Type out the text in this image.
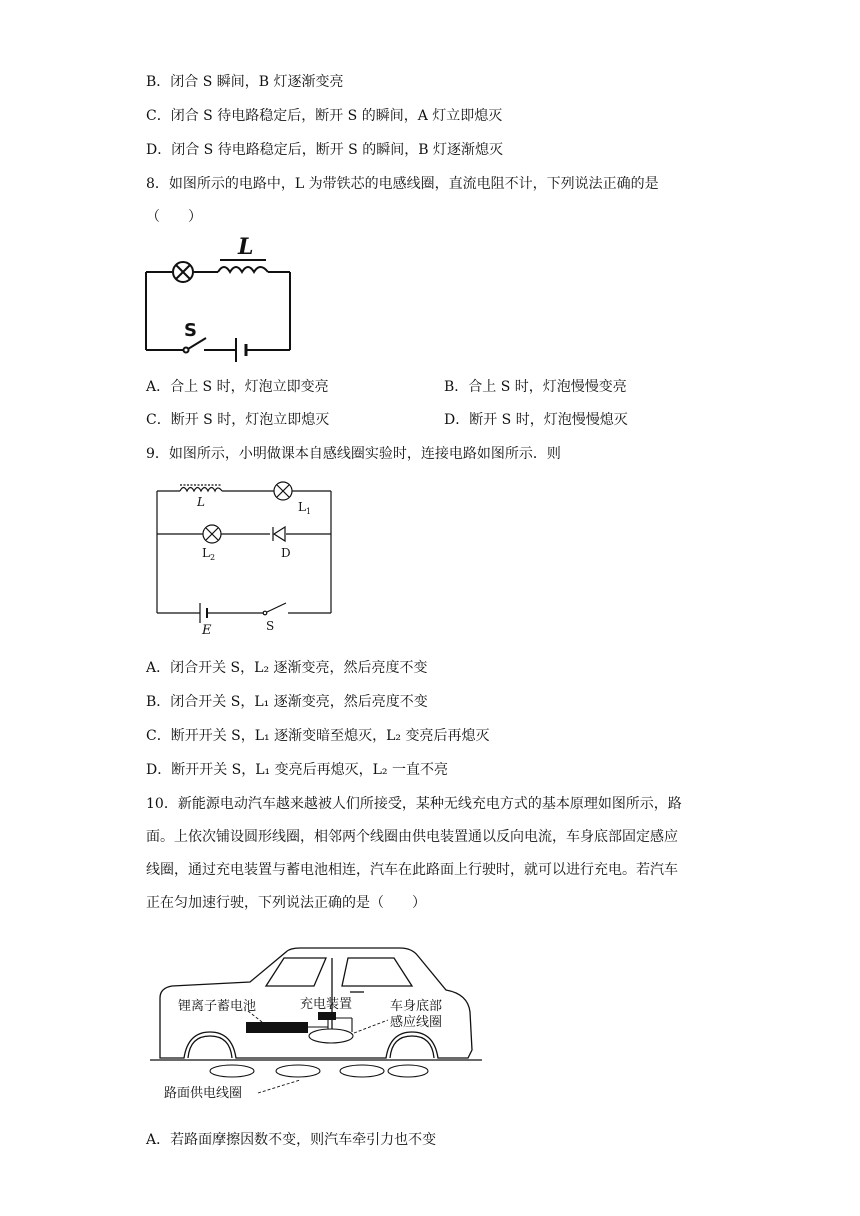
B．闭合 S 瞬间，B 灯逐渐变亮
C．闭合 S 待电路稳定后，断开 S 的瞬间，A 灯立即熄灭
D．闭合 S 待电路稳定后，断开 S 的瞬间，B 灯逐渐熄灭
8．如图所示的电路中，L 为带铁芯的电感线圈，直流电阻不计，下列说法正确的是
（　　）
L
S
A．合上 S 时，灯泡立即变亮	B．合上 S 时，灯泡慢慢变亮
C．断开 S 时，灯泡立即熄灭	D．断开 S 时，灯泡慢慢熄灭
9．如图所示，小明做课本自感线圈实验时，连接电路如图所示．则
L	$L_1$
$L_2$	D
E	S
A．闭合开关 S，L₂ 逐渐变亮，然后亮度不变
B．闭合开关 S，L₁ 逐渐变亮，然后亮度不变
C．断开开关 S，L₁ 逐渐变暗至熄灭，L₂ 变亮后再熄灭
D．断开开关 S，L₁ 变亮后再熄灭，L₂ 一直不亮
10．新能源电动汽车越来越被人们所接受，某种无线充电方式的基本原理如图所示，路
面。上依次铺设圆形线圈，相邻两个线圈由供电装置通以反向电流，车身底部固定感应
线圈，通过充电装置与蓄电池相连，汽车在此路面上行驶时，就可以进行充电。若汽车
正在匀加速行驶，下列说法正确的是（　　）
锂离子蓄电池	充电装置	车身底部
感应线圈
路面供电线圈
A．若路面摩擦因数不变，则汽车牵引力也不变
